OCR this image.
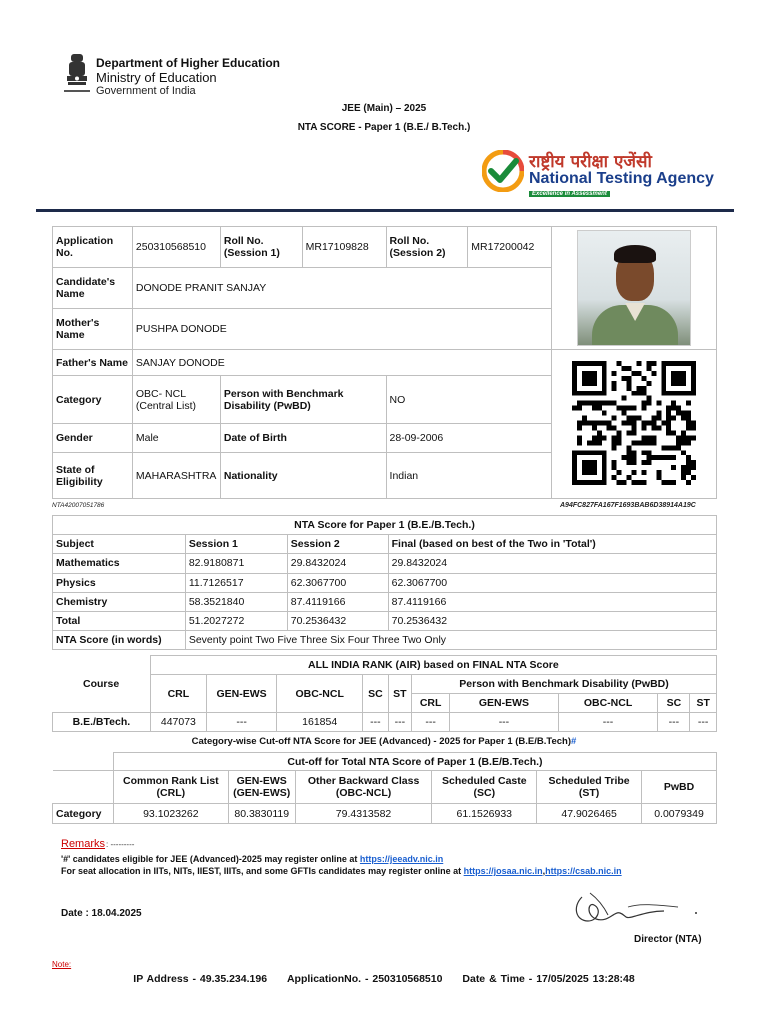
Department of Higher Education
Ministry of Education
Government of India
JEE (Main) – 2025
NTA SCORE - Paper 1 (B.E./ B.Tech.)
राष्ट्रीय परीक्षा एजेंसी
National Testing Agency
Excellence in Assessment
Application No.	250310568510	Roll No. (Session 1)	MR17109828	Roll No. (Session 2)	MR17200042	

Candidate's Name	DONODE PRANIT SANJAY					
Mother's Name	PUSHPA DONODE					
Father's Name	SANJAY DONODE	
Category	OBC- NCL (Central List)	Person with Benchmark Disability (PwBD)		NO		
Gender	Male	Date of Birth		28-09-2006		
State of Eligibility	MAHARASHTRA	Nationality		Indian		
NTA42007051786	A94FC827FA167F1693BAB6D38914A19C
NTA Score for Paper 1 (B.E./B.Tech.)			
Subject	Session 1	Session 2	Final (based on best of the Two in 'Total')
Mathematics	82.9180871	29.8432024	29.8432024
Physics	11.7126517	62.3067700	62.3067700
Chemistry	58.3521840	87.4119166	87.4119166
Total	51.2027272	70.2536432	70.2536432
NTA Score (in words)	Seventy point Two Five Three Six Four Three Two Only		
Course	ALL INDIA RANK (AIR) based on FINAL NTA Score									
	CRL	GEN-EWS	OBC-NCL	SC	ST	Person with Benchmark Disability (PwBD)				
						CRL	GEN-EWS	OBC-NCL	SC	ST
B.E./BTech.	447073	---	161854	---	---	---	---	---	---	---
Category-wise Cut-off NTA Score for JEE (Advanced) - 2025 for Paper 1 (B.E/B.Tech)#
	Cut-off for Total NTA Score of Paper 1 (B.E/B.Tech.)					
	Common Rank List (CRL)	GEN-EWS (GEN-EWS)	Other Backward Class (OBC-NCL)	Scheduled Caste (SC)	Scheduled Tribe (ST)	PwBD
Category	93.1023262	80.3830119	79.4313582	61.1526933	47.9026465	0.0079349
Remarks : ---------
'#' candidates eligible for JEE (Advanced)-2025 may register online at https://jeeadv.nic.in
For seat allocation in IITs, NITs, IIEST, IIITs, and some GFTIs candidates may register online at https://josaa.nic.in,https://csab.nic.in
Date : 18.04.2025
Director (NTA)
Note:
IP Address - 49.35.234.196 ApplicationNo. - 250310568510 Date & Time - 17/05/2025 13:28:48
